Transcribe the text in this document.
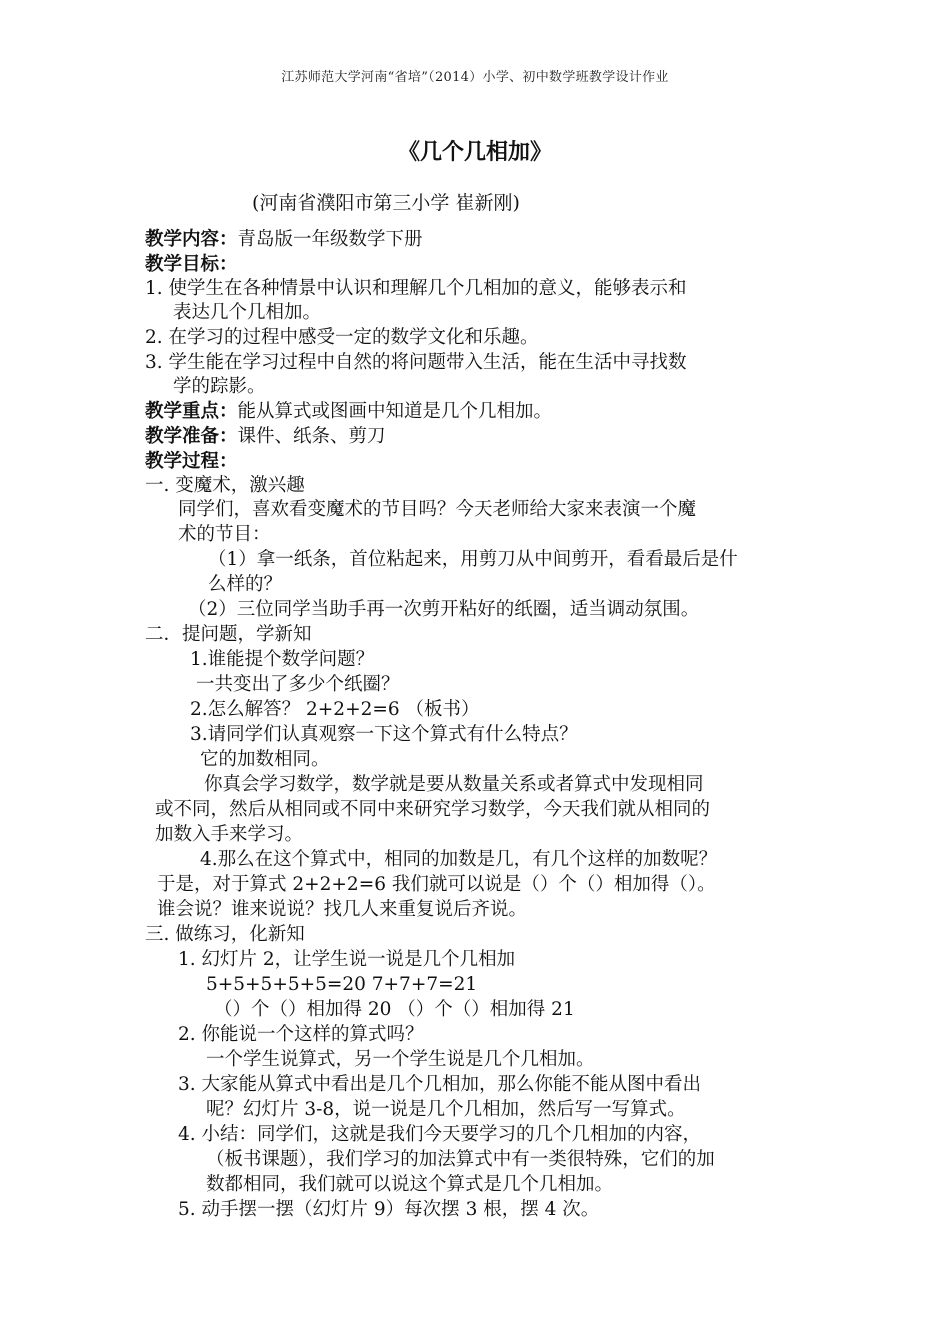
江苏师范大学河南“省培”（2014）小学、初中数学班教学设计作业
《几个几相加》
(河南省濮阳市第三小学 崔新刚)
教学内容：青岛版一年级数学下册
教学目标：
1. 使学生在各种情景中认识和理解几个几相加的意义，能够表示和
表达几个几相加。
2. 在学习的过程中感受一定的数学文化和乐趣。
3. 学生能在学习过程中自然的将问题带入生活，能在生活中寻找数
学的踪影。
教学重点：能从算式或图画中知道是几个几相加。
教学准备：课件、纸条、剪刀
教学过程：
一. 变魔术，激兴趣
同学们，喜欢看变魔术的节目吗？今天老师给大家来表演一个魔
术的节目：
（1）拿一纸条，首位粘起来，用剪刀从中间剪开，看看最后是什
么样的？
（2）三位同学当助手再一次剪开粘好的纸圈，适当调动氛围。
二．提问题，学新知
1.谁能提个数学问题？
一共变出了多少个纸圈？
2.怎么解答？ 2+2+2=6 （板书）
3.请同学们认真观察一下这个算式有什么特点？
它的加数相同。
你真会学习数学，数学就是要从数量关系或者算式中发现相同
或不同，然后从相同或不同中来研究学习数学，今天我们就从相同的
加数入手来学习。
4.那么在这个算式中，相同的加数是几，有几个这样的加数呢？
于是，对于算式 2+2+2=6 我们就可以说是（）个（）相加得（）。
谁会说？谁来说说？找几人来重复说后齐说。
三. 做练习，化新知
1. 幻灯片 2，让学生说一说是几个几相加
5+5+5+5+5=20 7+7+7=21
（）个（）相加得 20 （）个（）相加得 21
2. 你能说一个这样的算式吗？
一个学生说算式，另一个学生说是几个几相加。
3. 大家能从算式中看出是几个几相加，那么你能不能从图中看出
呢？幻灯片 3-8，说一说是几个几相加，然后写一写算式。
4. 小结：同学们，这就是我们今天要学习的几个几相加的内容，
（板书课题），我们学习的加法算式中有一类很特殊，它们的加
数都相同，我们就可以说这个算式是几个几相加。
5. 动手摆一摆（幻灯片 9）每次摆 3 根，摆 4 次。
